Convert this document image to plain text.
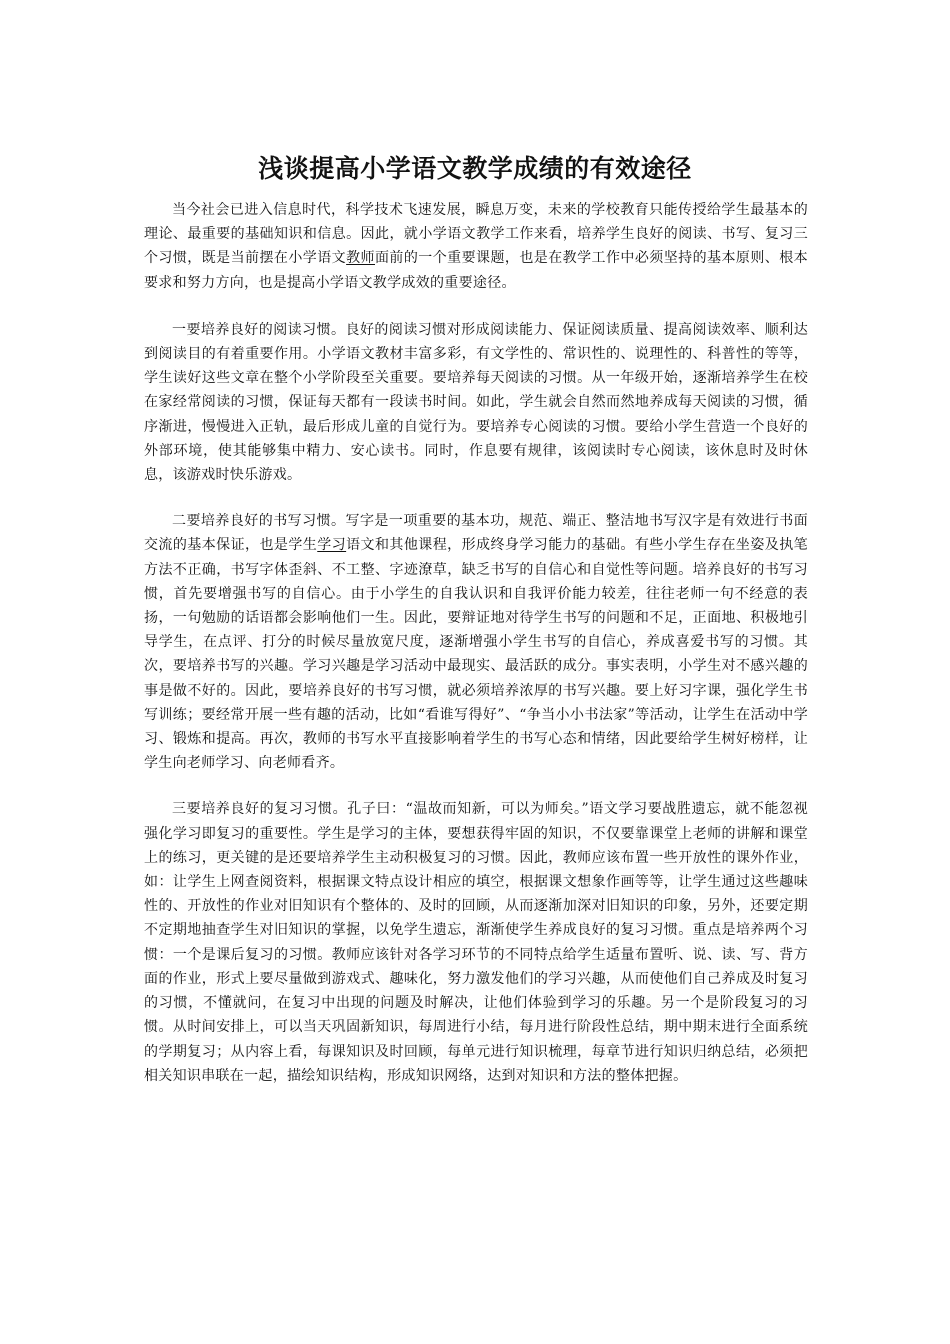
浅谈提高小学语文教学成绩的有效途径

当今社会已进入信息时代，科学技术飞速发展，瞬息万变，未来的学校教育只能传授给学生最基本的理论、最重要的基础知识和信息。因此，就小学语文教学工作来看，培养学生良好的阅读、书写、复习三个习惯，既是当前摆在小学语文教师面前的一个重要课题，也是在教学工作中必须坚持的基本原则、根本要求和努力方向，也是提高小学语文教学成效的重要途径。

一要培养良好的阅读习惯。良好的阅读习惯对形成阅读能力、保证阅读质量、提高阅读效率、顺利达到阅读目的有着重要作用。小学语文教材丰富多彩，有文学性的、常识性的、说理性的、科普性的等等，学生读好这些文章在整个小学阶段至关重要。要培养每天阅读的习惯。从一年级开始，逐渐培养学生在校在家经常阅读的习惯，保证每天都有一段读书时间。如此，学生就会自然而然地养成每天阅读的习惯，循序渐进，慢慢进入正轨，最后形成儿童的自觉行为。要培养专心阅读的习惯。要给小学生营造一个良好的外部环境，使其能够集中精力、安心读书。同时，作息要有规律，该阅读时专心阅读，该休息时及时休息，该游戏时快乐游戏。

二要培养良好的书写习惯。写字是一项重要的基本功，规范、端正、整洁地书写汉字是有效进行书面交流的基本保证，也是学生学习语文和其他课程，形成终身学习能力的基础。有些小学生存在坐姿及执笔方法不正确，书写字体歪斜、不工整、字迹潦草，缺乏书写的自信心和自觉性等问题。培养良好的书写习惯，首先要增强书写的自信心。由于小学生的自我认识和自我评价能力较差，往往老师一句不经意的表扬，一句勉励的话语都会影响他们一生。因此，要辩证地对待学生书写的问题和不足，正面地、积极地引导学生，在点评、打分的时候尽量放宽尺度，逐渐增强小学生书写的自信心，养成喜爱书写的习惯。其次，要培养书写的兴趣。学习兴趣是学习活动中最现实、最活跃的成分。事实表明，小学生对不感兴趣的事是做不好的。因此，要培养良好的书写习惯，就必须培养浓厚的书写兴趣。要上好习字课，强化学生书写训练；要经常开展一些有趣的活动，比如“看谁写得好”、“争当小小书法家”等活动，让学生在活动中学习、锻炼和提高。再次，教师的书写水平直接影响着学生的书写心态和情绪，因此要给学生树好榜样，让学生向老师学习、向老师看齐。

三要培养良好的复习习惯。孔子曰：“温故而知新，可以为师矣。”语文学习要战胜遗忘，就不能忽视强化学习即复习的重要性。学生是学习的主体，要想获得牢固的知识，不仅要靠课堂上老师的讲解和课堂上的练习，更关键的是还要培养学生主动积极复习的习惯。因此，教师应该布置一些开放性的课外作业，如：让学生上网查阅资料，根据课文特点设计相应的填空，根据课文想象作画等等，让学生通过这些趣味性的、开放性的作业对旧知识有个整体的、及时的回顾，从而逐渐加深对旧知识的印象，另外，还要定期不定期地抽查学生对旧知识的掌握，以免学生遗忘，渐渐使学生养成良好的复习习惯。重点是培养两个习惯：一个是课后复习的习惯。教师应该针对各学习环节的不同特点给学生适量布置听、说、读、写、背方面的作业，形式上要尽量做到游戏式、趣味化，努力激发他们的学习兴趣，从而使他们自己养成及时复习的习惯，不懂就问，在复习中出现的问题及时解决，让他们体验到学习的乐趣。另一个是阶段复习的习惯。从时间安排上，可以当天巩固新知识，每周进行小结，每月进行阶段性总结，期中期末进行全面系统的学期复习；从内容上看，每课知识及时回顾，每单元进行知识梳理，每章节进行知识归纳总结，必须把相关知识串联在一起，描绘知识结构，形成知识网络，达到对知识和方法的整体把握。
